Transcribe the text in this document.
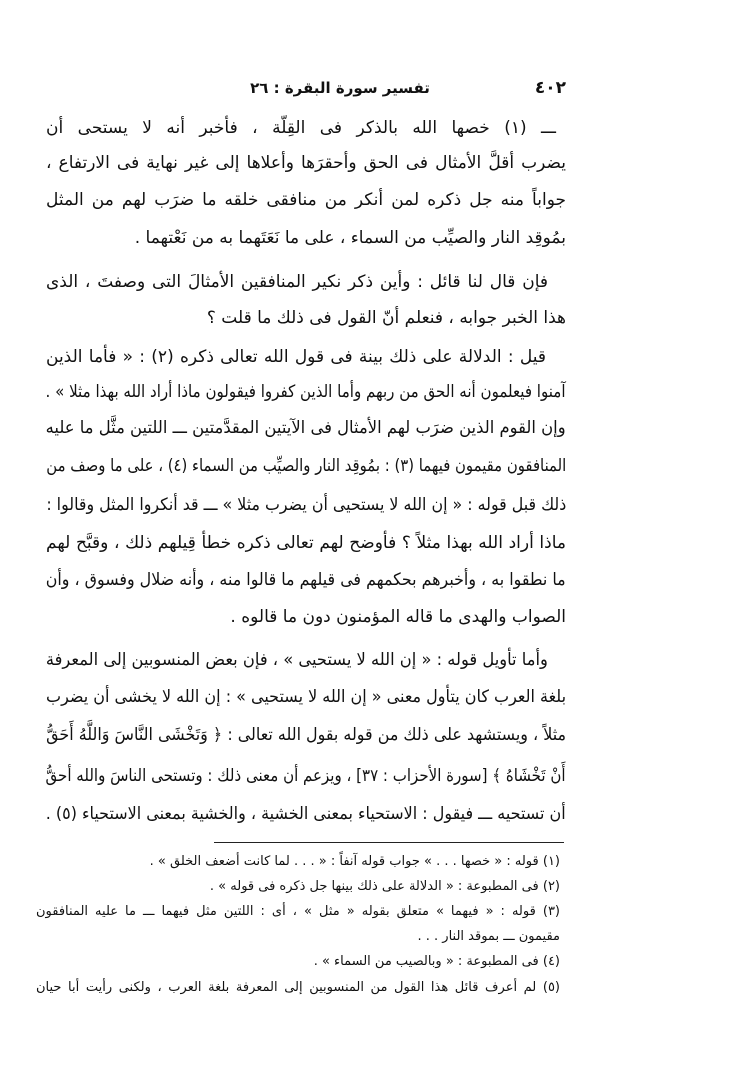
٤٠٢
تفسير سورة البقرة : ٢٦
ـــ (١) خصها الله بالذكر فى القِلّة ، فأخبر أنه لا يستحى أن
يضرب أقلَّ الأمثال فى الحق وأحقرَها وأعلاها إلى غير نهاية فى الارتفاع ،
جواباً منه جل ذكره لمن أنكر من منافقى خلقه ما ضرَب لهم من المثل
بمُوقِد النار والصيِّب من السماء ، على ما نَعَتَهما به من نَعْتهما .
فإن قال لنا قائل : وأين ذكر نكير المنافقين الأمثالَ التى وصفتَ ، الذى
هذا الخبر جوابه ، فنعلم أنّ القول فى ذلك ما قلت ؟
قيل : الدلالة على ذلك بينة فى قول الله تعالى ذكره (٢) : « فأما الذين
آمنوا فيعلمون أنه الحق من ربهم وأما الذين كفروا فيقولون ماذا أراد الله بهذا مثلا » .
وإن القوم الذين ضرَب لهم الأمثال فى الآيتين المقدَّمتين ـــ اللتين مثَّل ما عليه
المنافقون مقيمون فيهما (٣) : بمُوقِد النار والصيِّب من السماء (٤) ، على ما وصف من
ذلك قبل قوله : « إن الله لا يستحيى أن يضرب مثلا » ـــ قد أنكروا المثل وقالوا :
ماذا أراد الله بهذا مثلاً ؟ فأوضح لهم تعالى ذكره خطأ قِيلهم ذلك ، وقبَّح لهم
ما نطقوا به ، وأخبرهم بحكمهم فى قيلهم ما قالوا منه ، وأنه ضلال وفسوق ، وأن
الصواب والهدى ما قاله المؤمنون دون ما قالوه .
وأما تأويل قوله : « إن الله لا يستحيى » ، فإن بعض المنسوبين إلى المعرفة
بلغة العرب كان يتأول معنى « إن الله لا يستحيى » : إن الله لا يخشى أن يضرب
مثلاً ، ويستشهد على ذلك من قوله بقول الله تعالى : ﴿ وَتَخْشَى النَّاسَ وَاللَّهُ أَحَقُّ
أَنْ تَخْشَاهُ ﴾ [سورة الأحزاب : ٣٧] ، ويزعم أن معنى ذلك : وتستحى الناسَ والله أحقُّ
أن تستحيه ـــ فيقول : الاستحياء بمعنى الخشية ، والخشية بمعنى الاستحياء (٥) .
(١) قوله : « خصها . . . » جواب قوله آنفاً : « . . . لما كانت أضعف الخلق » .
(٢) فى المطبوعة : « الدلالة على ذلك بينها جل ذكره فى قوله » .
(٣) قوله : « فيهما » متعلق بقوله « مثل » ، أى : اللتين مثل فيهما ـــ ما عليه المنافقون
مقيمون ـــ بموقد النار . . .
(٤) فى المطبوعة : « وبالصيب من السماء » .
(٥) لم أعرف قائل هذا القول من المنسوبين إلى المعرفة بلغة العرب ، ولكنى رأيت أبا حيان
